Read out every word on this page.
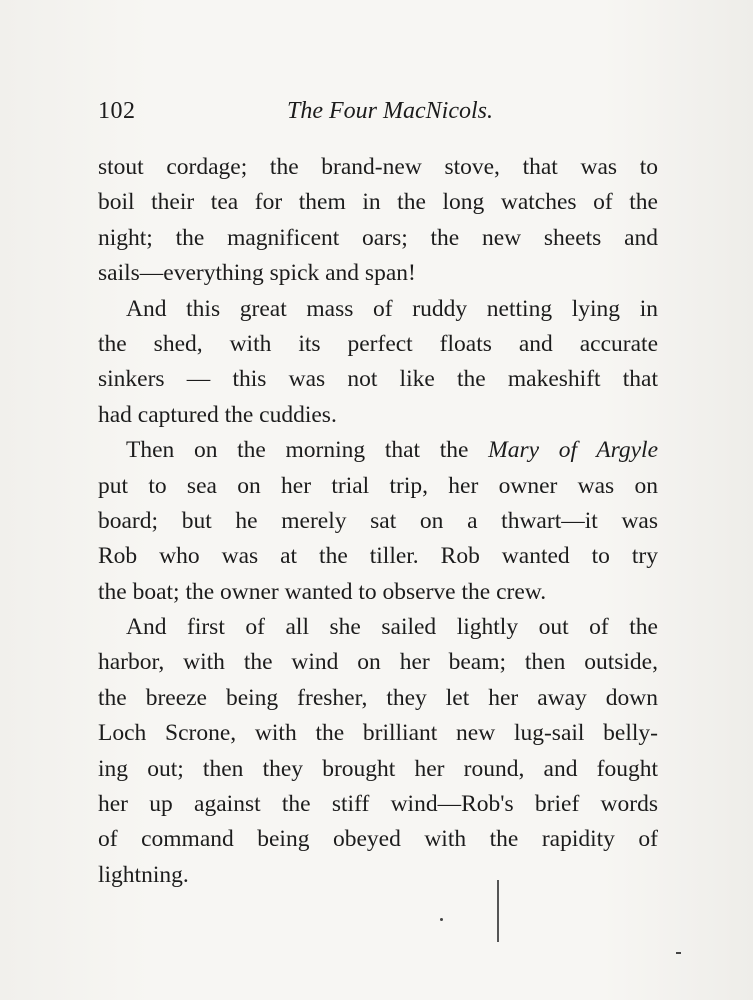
102	The Four MacNicols.
stout cordage; the brand-new stove, that was to
boil their tea for them in the long watches of the
night; the magnificent oars; the new sheets and
sails—everything spick and span!
And this great mass of ruddy netting lying in
the shed, with its perfect floats and accurate
sinkers — this was not like the makeshift that
had captured the cuddies.
Then on the morning that the Mary of Argyle
put to sea on her trial trip, her owner was on
board; but he merely sat on a thwart—it was
Rob who was at the tiller. Rob wanted to try
the boat; the owner wanted to observe the crew.
And first of all she sailed lightly out of the
harbor, with the wind on her beam; then outside,
the breeze being fresher, they let her away down
Loch Scrone, with the brilliant new lug-sail belly-
ing out; then they brought her round, and fought
her up against the stiff wind—Rob's brief words
of command being obeyed with the rapidity of
lightning.
